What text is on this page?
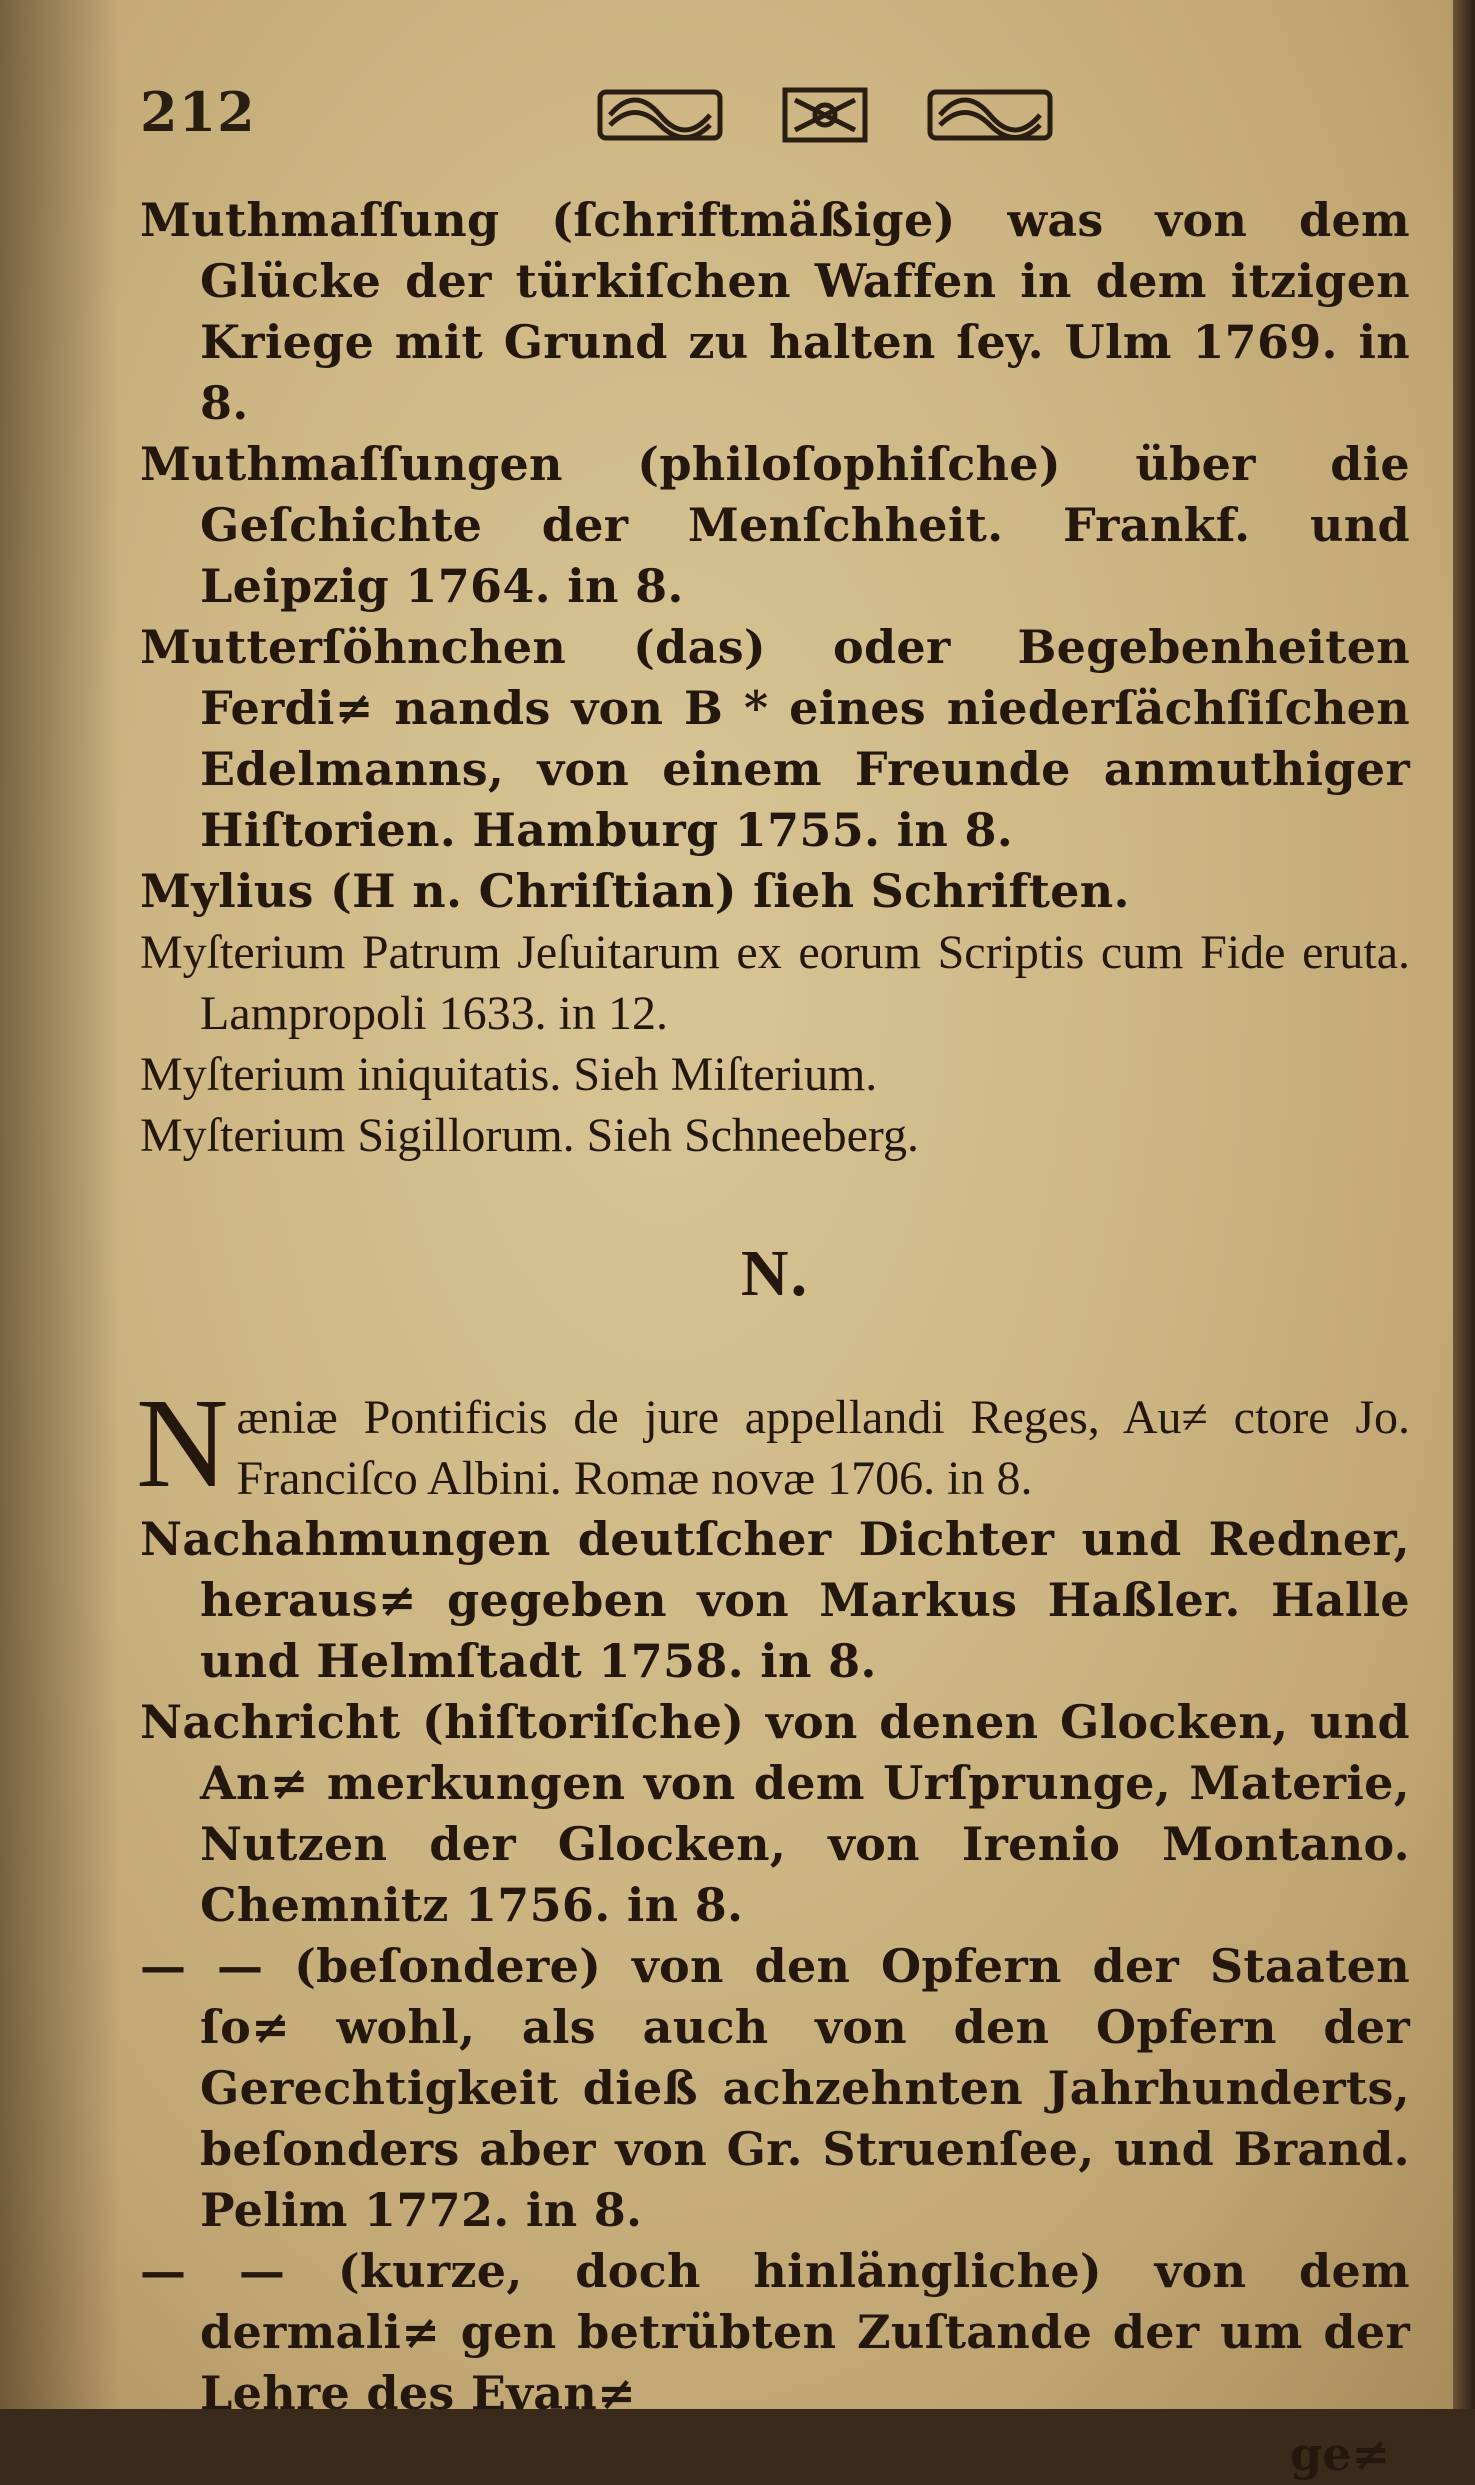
212

Muthmaſſung (ſchriftmäßige) was von dem Glücke der türkiſchen Waffen in dem itzigen Kriege mit Grund zu halten ſey. Ulm 1769. in 8.

Muthmaſſungen (philoſophiſche) über die Geſchichte der Menſchheit. Frankf. und Leipzig 1764. in 8.

Mutterſöhnchen (das) oder Begebenheiten Ferdi≠ nands von B * eines niederſächſiſchen Edelmanns, von einem Freunde anmuthiger Hiſtorien. Hamburg 1755. in 8.

Mylius (H n. Chriſtian) ſieh Schriften.

Myſterium Patrum Jeſuitarum ex eorum Scriptis cum Fide eruta. Lampropoli 1633. in 12.

Myſterium iniquitatis. Sieh Miſterium.

Myſterium Sigillorum. Sieh Schneeberg.

N.

Næniæ Pontificis de jure appellandi Reges, Au≠ ctore Jo. Franciſco Albini. Romæ novæ 1706. in 8.

Nachahmungen deutſcher Dichter und Redner, heraus≠ gegeben von Markus Haßler. Halle und Helmſtadt 1758. in 8.

Nachricht (hiſtoriſche) von denen Glocken, und An≠ merkungen von dem Urſprunge, Materie, Nutzen der Glocken, von Irenio Montano. Chemnitz 1756. in 8.

— — (beſondere) von den Opfern der Staaten ſo≠ wohl, als auch von den Opfern der Gerechtigkeit dieß achzehnten Jahrhunderts, beſonders aber von Gr. Struenſee, und Brand. Pelim 1772. in 8.

— — (kurze, doch hinlängliche) von dem dermali≠ gen betrübten Zuſtande der um der Lehre des Evan≠

ge≠
